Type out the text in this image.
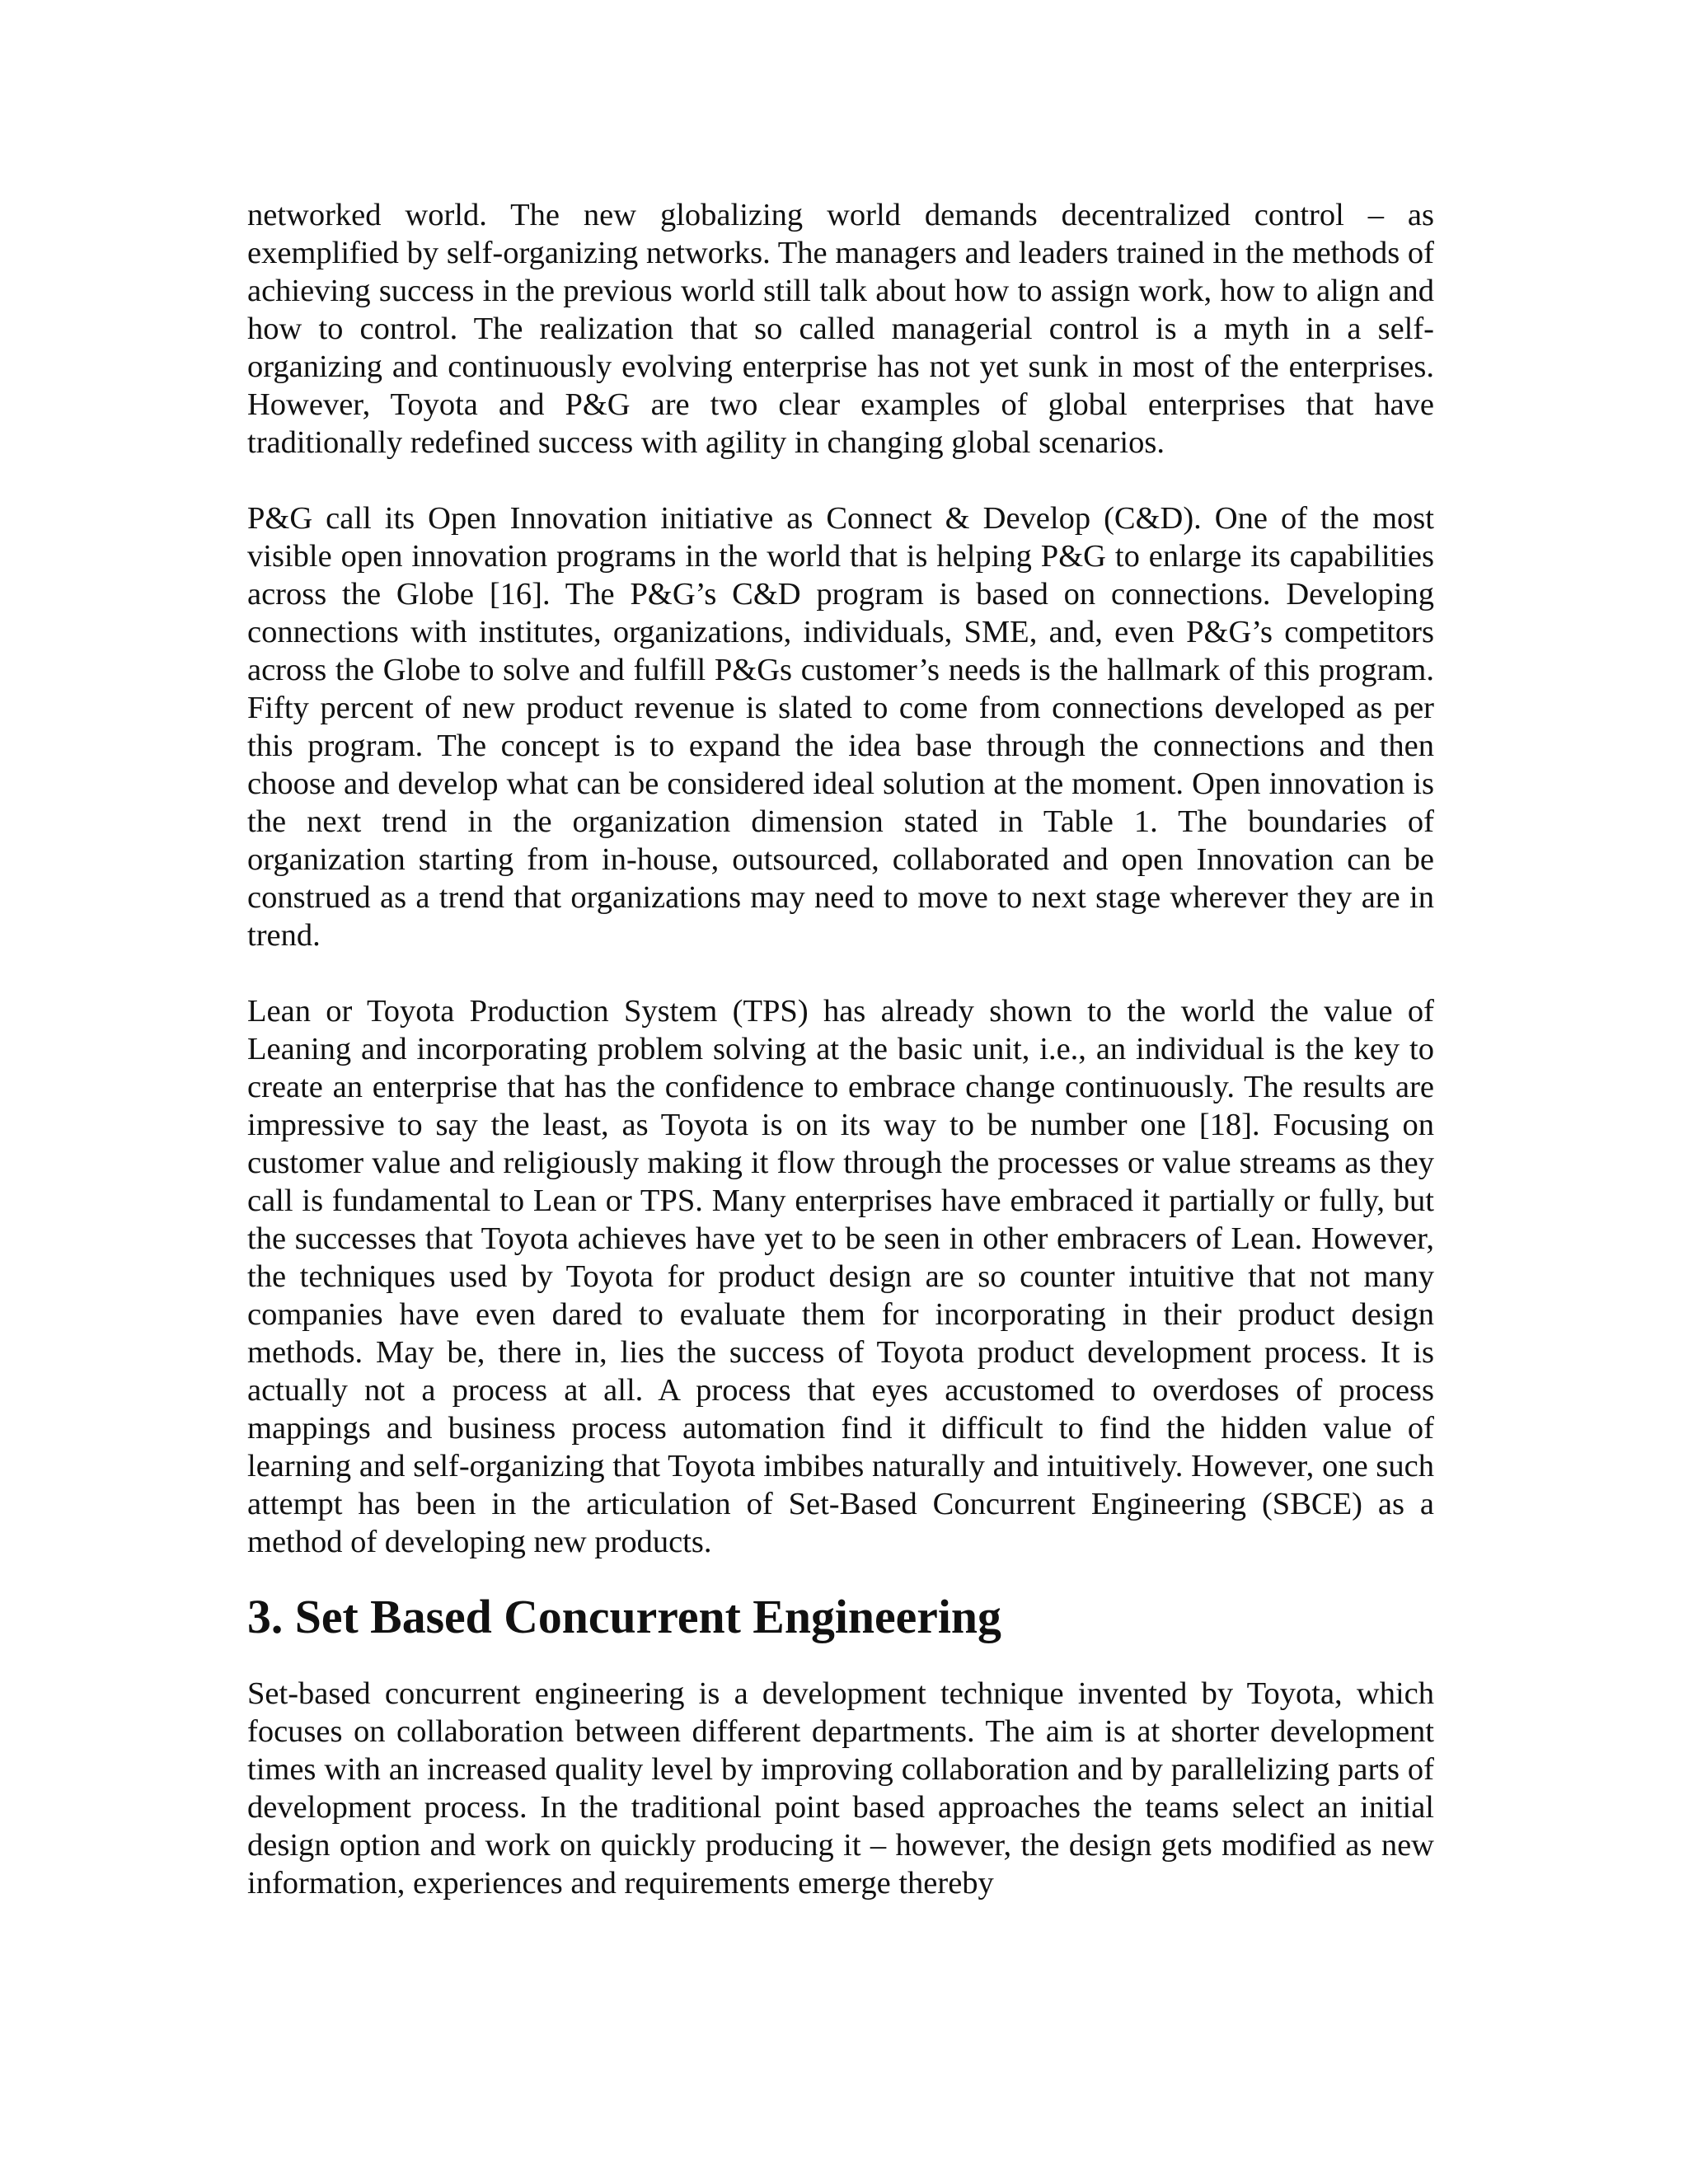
networked world. The new globalizing world demands decentralized control – as exemplified by self-organizing networks. The managers and leaders trained in the methods of achieving success in the previous world still talk about how to assign work, how to align and how to control. The realization that so called managerial control is a myth in a self-organizing and continuously evolving enterprise has not yet sunk in most of the enterprises. However, Toyota and P&G are two clear examples of global enterprises that have traditionally redefined success with agility in changing global scenarios.

P&G call its Open Innovation initiative as Connect & Develop (C&D). One of the most visible open innovation programs in the world that is helping P&G to enlarge its capabilities across the Globe [16]. The P&G’s C&D program is based on connections. Developing connections with institutes, organizations, individuals, SME, and, even P&G’s competitors across the Globe to solve and fulfill P&Gs customer’s needs is the hallmark of this program. Fifty percent of new product revenue is slated to come from connections developed as per this program. The concept is to expand the idea base through the connections and then choose and develop what can be considered ideal solution at the moment. Open innovation is the next trend in the organization dimension stated in Table 1. The boundaries of organization starting from in-house, outsourced, collaborated and open Innovation can be construed as a trend that organizations may need to move to next stage wherever they are in trend.

Lean or Toyota Production System (TPS) has already shown to the world the value of Leaning and incorporating problem solving at the basic unit, i.e., an individual is the key to create an enterprise that has the confidence to embrace change continuously. The results are impressive to say the least, as Toyota is on its way to be number one [18]. Focusing on customer value and religiously making it flow through the processes or value streams as they call is fundamental to Lean or TPS. Many enterprises have embraced it partially or fully, but the successes that Toyota achieves have yet to be seen in other embracers of Lean. However, the techniques used by Toyota for product design are so counter intuitive that not many companies have even dared to evaluate them for incorporating in their product design methods. May be, there in, lies the success of Toyota product development process. It is actually not a process at all. A process that eyes accustomed to overdoses of process mappings and business process automation find it difficult to find the hidden value of learning and self-organizing that Toyota imbibes naturally and intuitively. However, one such attempt has been in the articulation of Set-Based Concurrent Engineering (SBCE) as a method of developing new products.

3. Set Based Concurrent Engineering

Set-based concurrent engineering is a development technique invented by Toyota, which focuses on collaboration between different departments. The aim is at shorter development times with an increased quality level by improving collaboration and by parallelizing parts of development process. In the traditional point based approaches the teams select an initial design option and work on quickly producing it – however, the design gets modified as new information, experiences and requirements emerge thereby
